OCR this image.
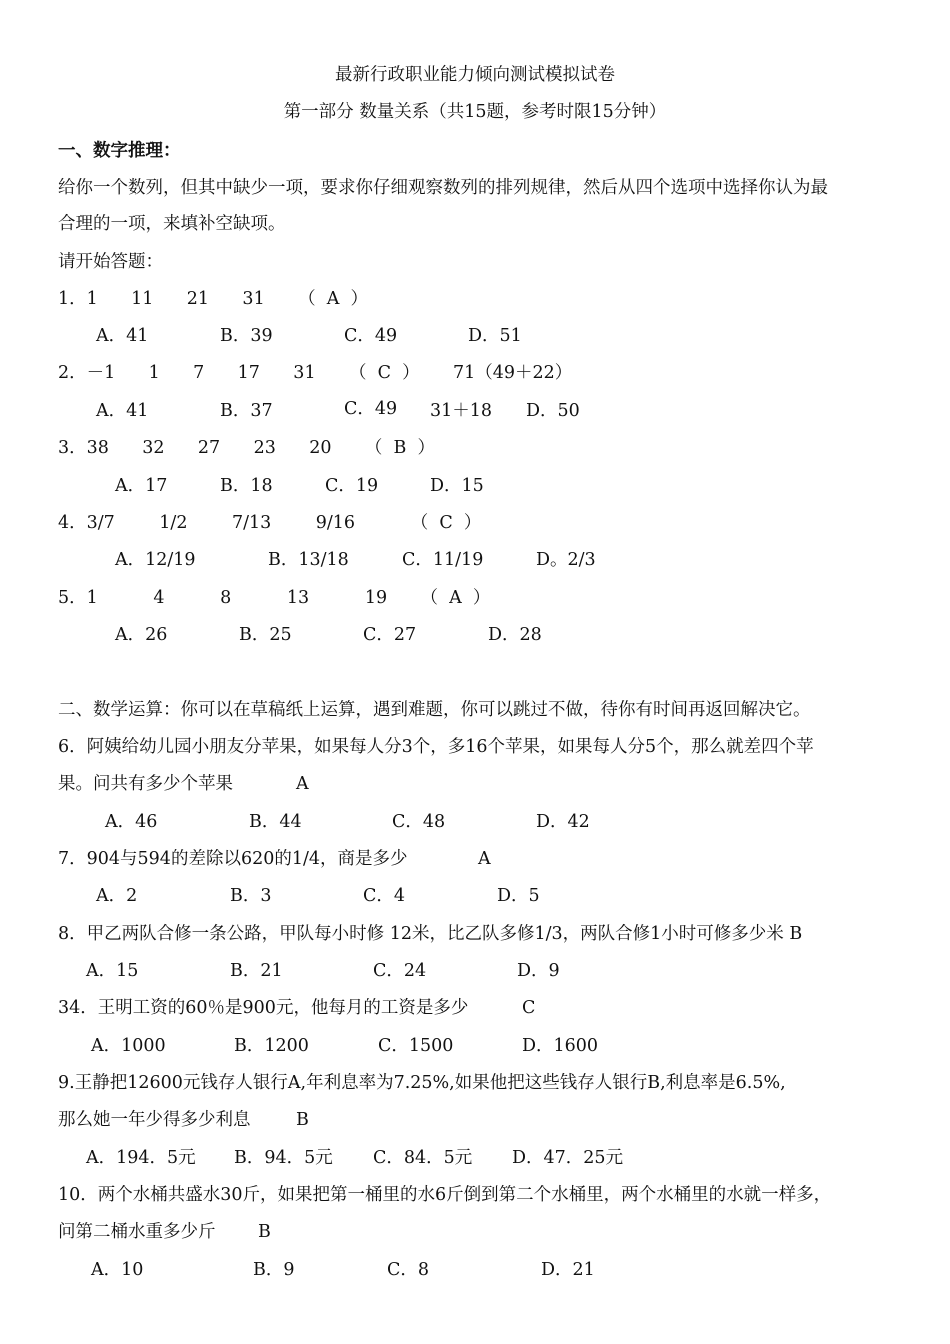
最新行政职业能力倾向测试模拟试卷
第一部分 数量关系（共15题，参考时限15分钟）
一、数字推理：
给你一个数列，但其中缺少一项，要求你仔细观察数列的排列规律，然后从四个选项中选择你认为最
合理的一项，来填补空缺项。
请开始答题：
1．1      11      21      31      （  A  ）
A．41	B．39	C．49	D．51
2．－1      1      7      17      31      （  C  ）      71（49＋22）
A．41	B．37	C．49 31＋18 D．50
3．38      32      27      23      20      （  B  ）
A．17	B．18	C．19	D．15
4．3/7        1/2        7/13        9/16          （  C  ）
A．12/19	B．13/18	C．11/19	D。2/3
5．1          4          8          13          19      （  A  ）
A．26	B．25	C．27	D．28
二、数学运算：你可以在草稿纸上运算，遇到难题，你可以跳过不做，待你有时间再返回解决它。
6．阿姨给幼儿园小朋友分苹果，如果每人分3个，多16个苹果，如果每人分5个，那么就差四个苹
果。问共有多少个苹果	A
A．46	B．44	C．48	D．42
7．904与594的差除以620的1/4，商是多少	A
A．2	B．3	C．4	D．5
8．甲乙两队合修一条公路，甲队每小时修 12米，比乙队多修1/3，两队合修1小时可修多少米 B
A．15	B．21	C．24	D．9
34．王明工资的60％是900元，他每月的工资是多少	C
A．1000	B．1200	C．1500	D．1600
9.王静把12600元钱存人银行A,年利息率为7.25%,如果他把这些钱存人银行B,利息率是6.5%,
那么她一年少得多少利息	B
A．194．5元 B．94．5元 C．84．5元 D．47．25元
10．两个水桶共盛水30斤，如果把第一桶里的水6斤倒到第二个水桶里，两个水桶里的水就一样多，
问第二桶水重多少斤 B
A．10	B．9	C．8	D．21
